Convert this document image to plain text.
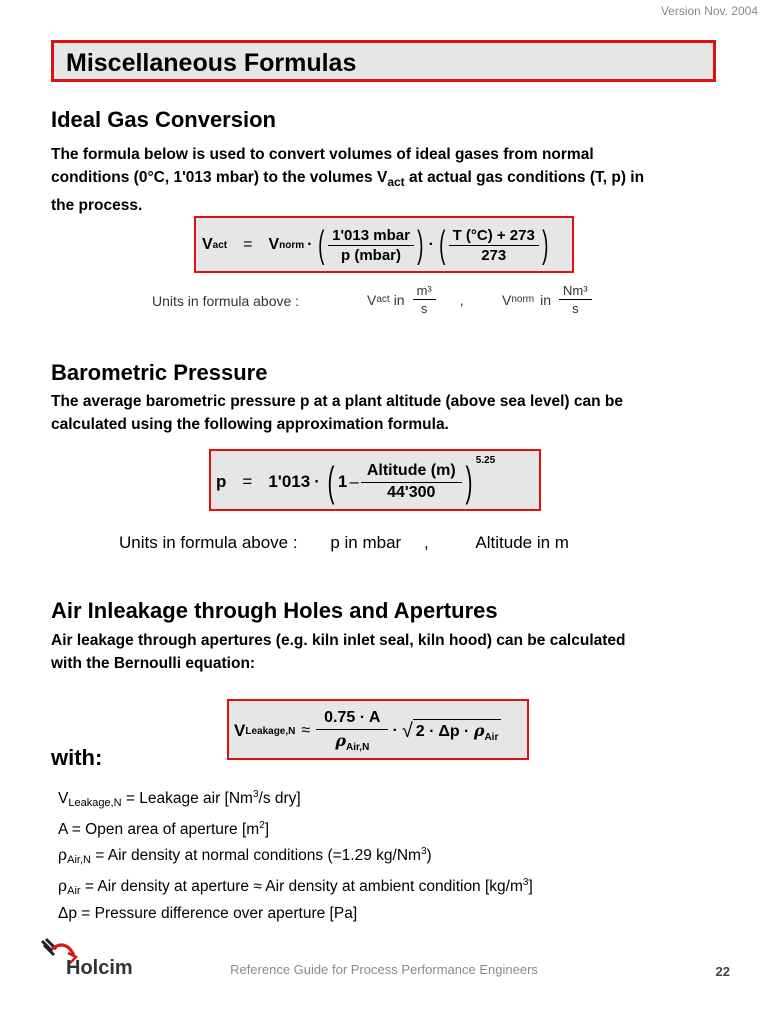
Version Nov. 2004
Miscellaneous Formulas
Ideal Gas Conversion
The formula below is used to convert volumes of ideal gases from normal
conditions (0°C, 1'013 mbar) to the volumes $V_{act}$ at actual gas conditions (T, p) in
the process.
V act = V norm · ( $\frac{\text{1'013 mbar}}{\text{p (mbar)}}$ ) · ( $\frac{T (^\circ C) + 273}{273}$ )
Units in formula above :	V act in $\frac{\text{m³}}{s}$ ,	V norm in $\frac{\text{Nm³}}{s}$
Barometric Pressure
The average barometric pressure p at a plant altitude (above sea level) can be
calculated using the following approximation formula.
p = 1'013 · ( $1 - \frac{\text{Altitude (m)}}{44'300}$ ) 5.25
Units in formula above : p in mbar ,	Altitude in m
Air Inleakage through Holes and Apertures
Air leakage through apertures (e.g. kiln inlet seal, kiln hood) can be calculated
with the Bernoulli equation:
V Leakage,N ≈ $\frac{0.75 \cdot A}{\rho_{Air,N}}$ · √ $2 \cdot \Delta p \cdot \rho_{Air}$
with:
VLeakage,N = Leakage air [Nm$^3$/s dry]
A = Open area of aperture $[m^2]$
ρAir,N = Air density at normal conditions (=1.29 kg/Nm$^3$)
ρAir = Air density at aperture ≈ Air density at ambient condition $[kg/m^3]$
Δp = Pressure difference over aperture [Pa]
Holcim	Reference Guide for Process Performance Engineers	22
